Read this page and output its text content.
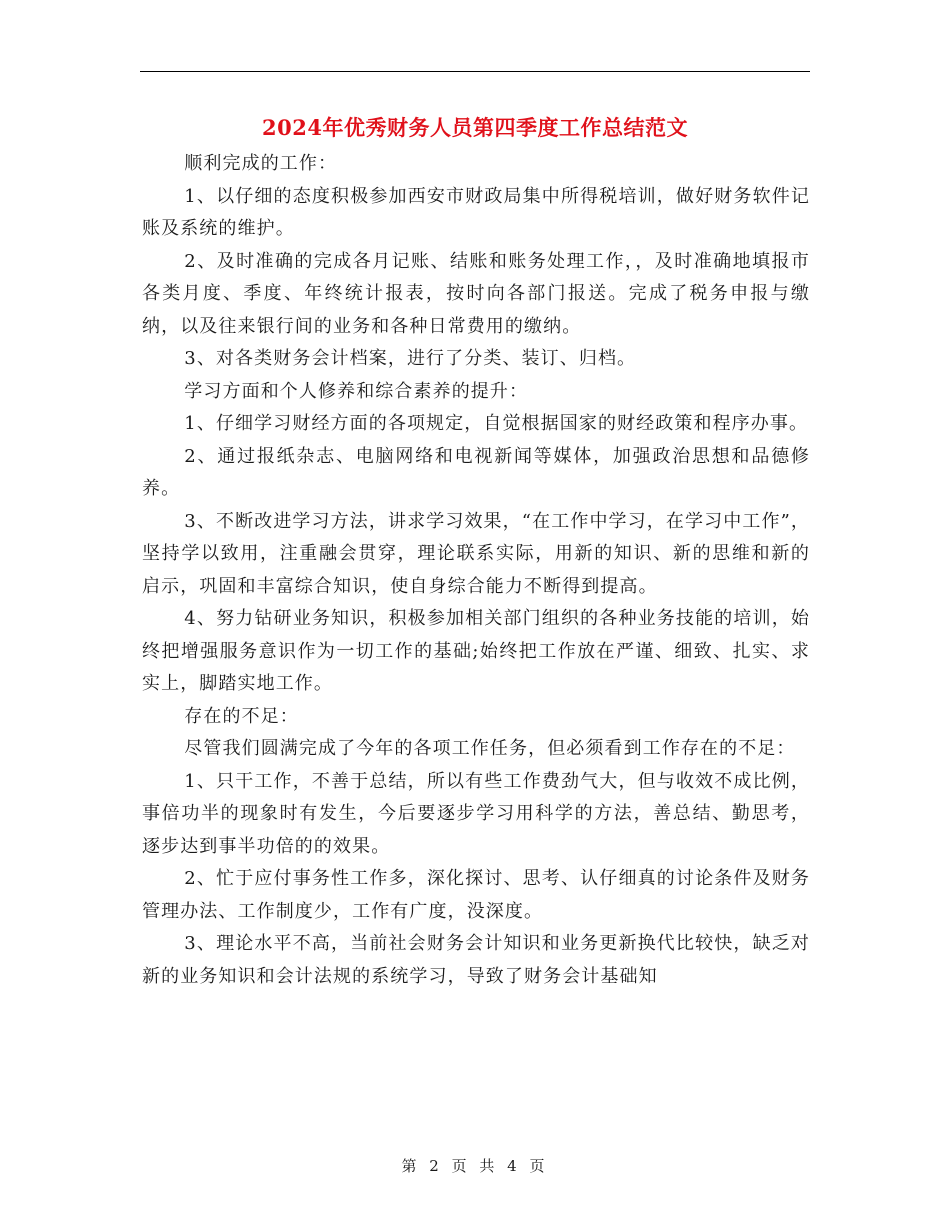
2024年优秀财务人员第四季度工作总结范文

顺利完成的工作：

1、以仔细的态度积极参加西安市财政局集中所得税培训，做好财务软件记账及系统的维护。

2、及时准确的完成各月记账、结账和账务处理工作，，及时准确地填报市各类月度、季度、年终统计报表，按时向各部门报送。完成了税务申报与缴纳，以及往来银行间的业务和各种日常费用的缴纳。

3、对各类财务会计档案，进行了分类、装订、归档。

学习方面和个人修养和综合素养的提升：

1、仔细学习财经方面的各项规定，自觉根据国家的财经政策和程序办事。

2、通过报纸杂志、电脑网络和电视新闻等媒体，加强政治思想和品德修养。

3、不断改进学习方法，讲求学习效果，“在工作中学习，在学习中工作”，坚持学以致用，注重融会贯穿，理论联系实际，用新的知识、新的思维和新的启示，巩固和丰富综合知识，使自身综合能力不断得到提高。

4、努力钻研业务知识，积极参加相关部门组织的各种业务技能的培训，始终把增强服务意识作为一切工作的基础;始终把工作放在严谨、细致、扎实、求实上，脚踏实地工作。

存在的不足：

尽管我们圆满完成了今年的各项工作任务，但必须看到工作存在的不足：

1、只干工作，不善于总结，所以有些工作费劲气大，但与收效不成比例，事倍功半的现象时有发生，今后要逐步学习用科学的方法，善总结、勤思考，逐步达到事半功倍的的效果。

2、忙于应付事务性工作多，深化探讨、思考、认仔细真的讨论条件及财务管理办法、工作制度少，工作有广度，没深度。

3、理论水平不高，当前社会财务会计知识和业务更新换代比较快，缺乏对新的业务知识和会计法规的系统学习，导致了财务会计基础知

第 2 页 共 4 页
